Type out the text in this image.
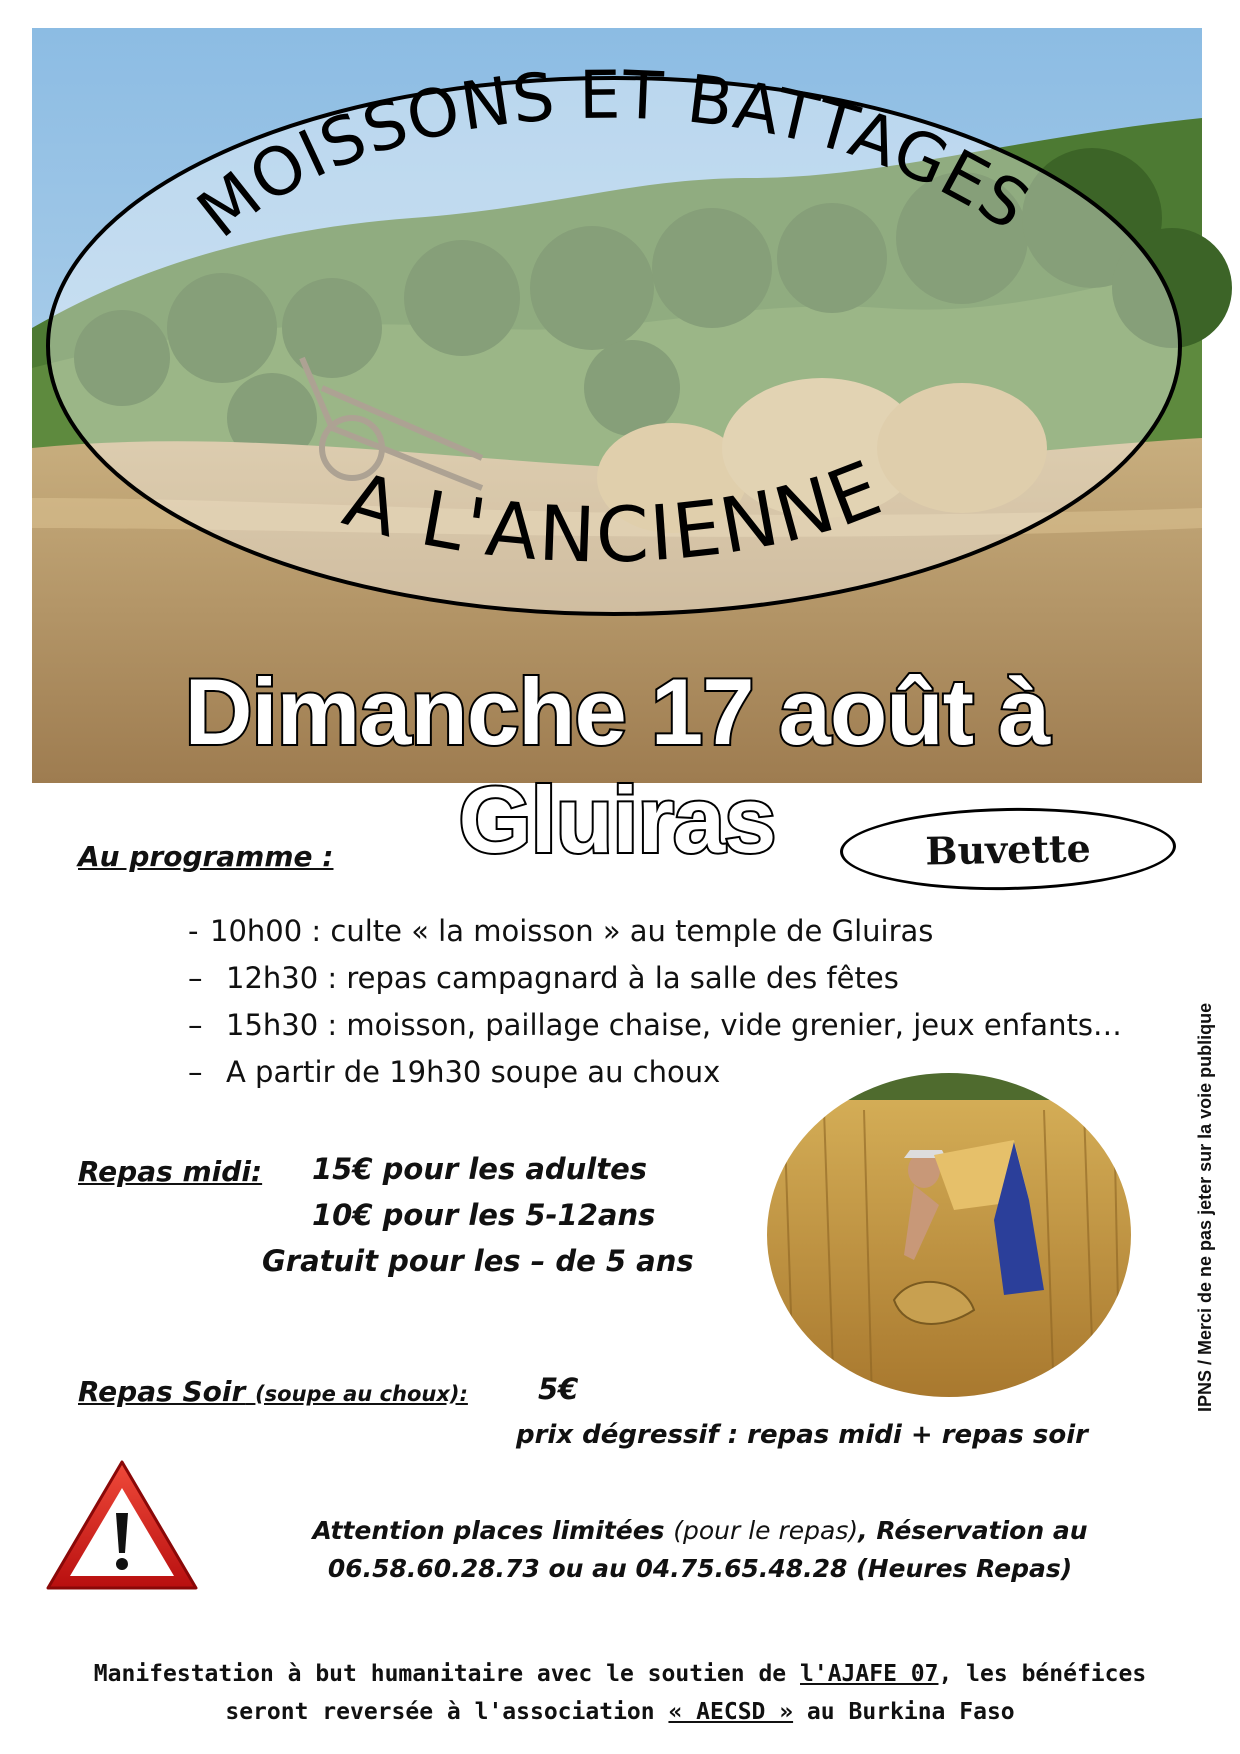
MOISSONS ET BATTAGES
A L'ANCIENNE
Dimanche 17 août à Gluiras
Au programme :	Buvette
- 10h00 : culte « la moisson » au temple de Gluiras
– 12h30 : repas campagnard à la salle des fêtes
– 15h30 : moisson, paillage chaise, vide grenier, jeux enfants…
– A partir de 19h30 soupe au choux
Repas midi: 15€ pour les adultes
10€ pour les 5-12ans
Gratuit pour les – de 5 ans
Repas Soir (soupe au choux): 5€
prix dégressif : repas midi + repas soir
IPNS / Merci de ne pas jeter sur la voie publique
Attention places limitées (pour le repas), Réservation au
06.58.60.28.73 ou au 04.75.65.48.28 (Heures Repas)
Manifestation à but humanitaire avec le soutien de l'AJAFE 07, les bénéfices
seront reversée à l'association « AECSD » au Burkina Faso
